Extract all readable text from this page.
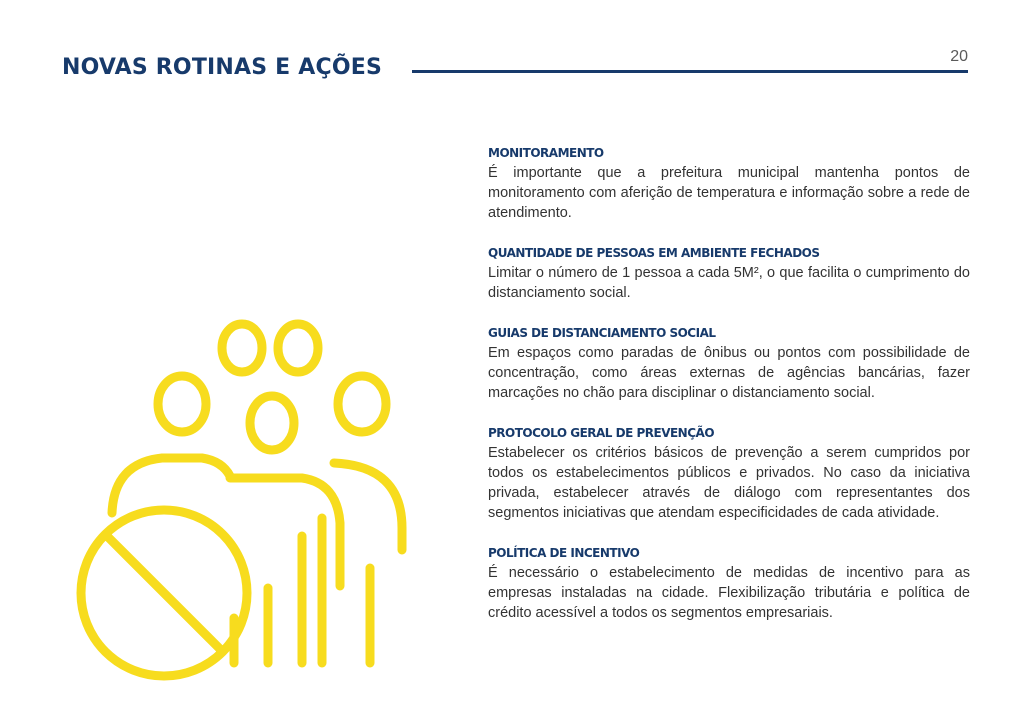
NOVAS ROTINAS E AÇÕES	20
MONITORAMENTO

É importante que a prefeitura municipal mantenha pontos de monitoramento com aferição de temperatura e informação sobre a rede de atendimento.

QUANTIDADE DE PESSOAS EM AMBIENTE FECHADOS

Limitar o número de 1 pessoa a cada 5M², o que facilita o cumprimento do distanciamento social.

GUIAS DE DISTANCIAMENTO SOCIAL

Em espaços como paradas de ônibus ou pontos com possibilidade de concentração, como áreas externas de agências bancárias, fazer marcações no chão para disciplinar o distanciamento social.

PROTOCOLO GERAL DE PREVENÇÃO

Estabelecer os critérios básicos de prevenção a serem cumpridos por todos os estabelecimentos públicos e privados. No caso da iniciativa privada, estabelecer através de diálogo com representantes dos segmentos iniciativas que atendam especificidades de cada atividade.

POLÍTICA DE INCENTIVO

É necessário o estabelecimento de medidas de incentivo para as empresas instaladas na cidade. Flexibilização tributária e política de crédito acessível a todos os segmentos empresariais.
